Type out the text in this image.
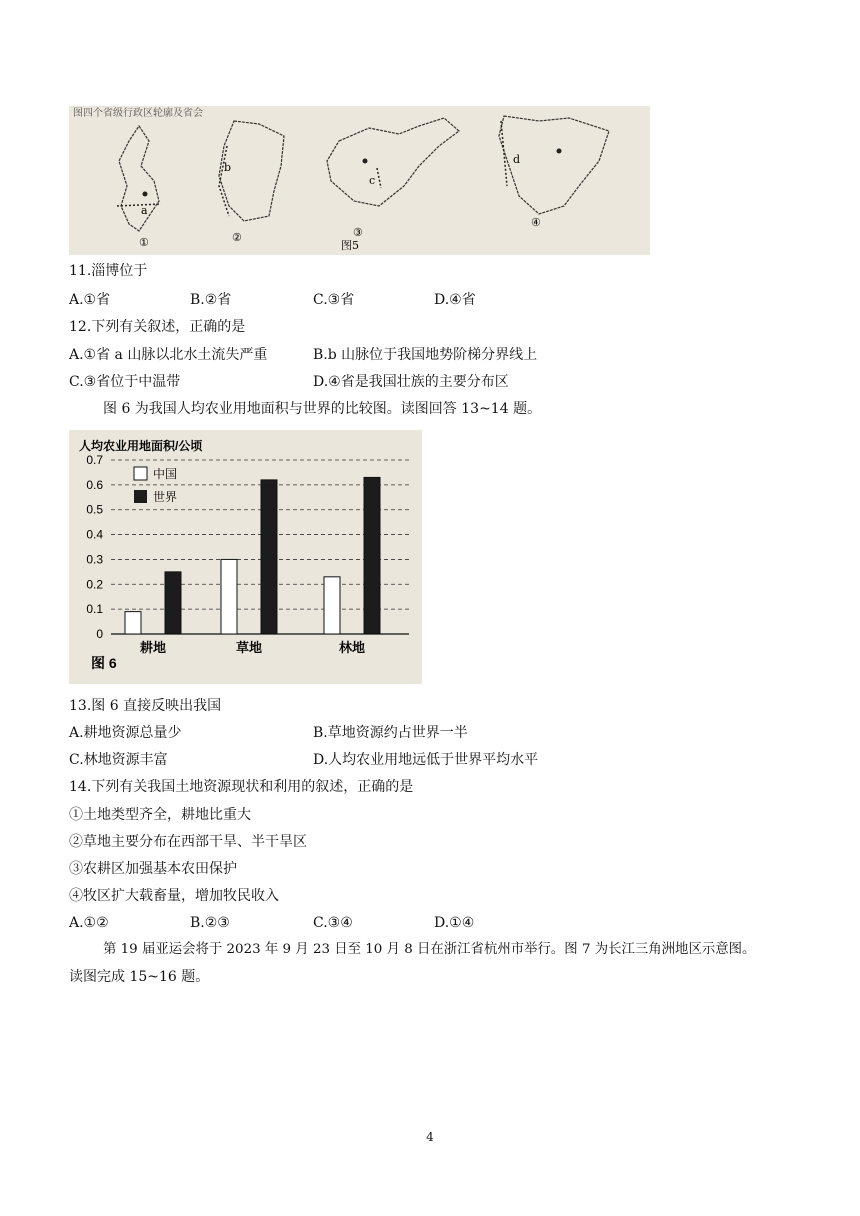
图四个省级行政区轮廓及省会
a
①
b
②
c
③
d
④
图5
11.淄博位于
A.①省	B.②省	C.③省	D.④省
12.下列有关叙述，正确的是
A.①省 a 山脉以北水土流失严重	B.b 山脉位于我国地势阶梯分界线上
C.③省位于中温带	D.④省是我国壮族的主要分布区
图 6 为我国人均农业用地面积与世界的比较图。读图回答 13~14 题。
人均农业用地面积/公顷
0
0.1
0.2
0.3
0.4
0.5
0.6
0.7
耕地	草地	林地
中国
世界
图 6
13.图 6 直接反映出我国
A.耕地资源总量少	B.草地资源约占世界一半
C.林地资源丰富	D.人均农业用地远低于世界平均水平
14.下列有关我国土地资源现状和利用的叙述，正确的是
①土地类型齐全，耕地比重大
②草地主要分布在西部干旱、半干旱区
③农耕区加强基本农田保护
④牧区扩大载畜量，增加牧民收入
A.①②	B.②③	C.③④	D.①④
第 19 届亚运会将于 2023 年 9 月 23 日至 10 月 8 日在浙江省杭州市举行。图 7 为长江三角洲地区示意图。
读图完成 15~16 题。
4
